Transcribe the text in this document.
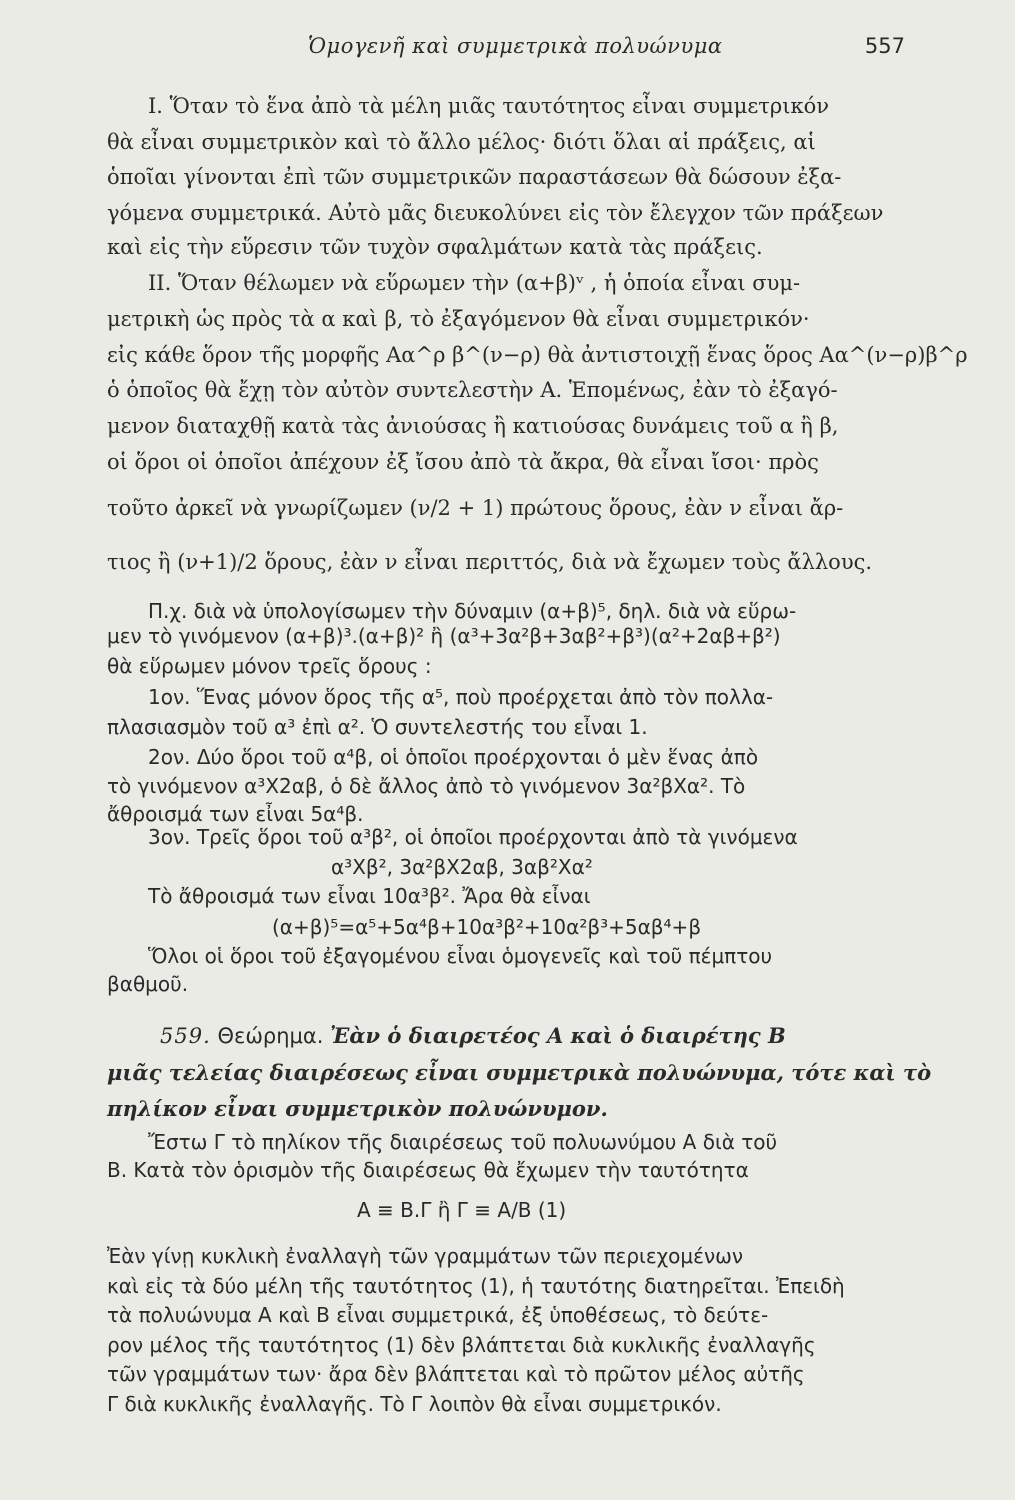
Ὁμογενῆ καὶ συμμετρικὰ πολυώνυμα	557
I. Ὅταν τὸ ἕνα ἀπὸ τὰ μέλη μιᾶς ταυτότητος εἶναι συμμετρικόν
θὰ εἶναι συμμετρικὸν καὶ τὸ ἄλλο μέλος· διότι ὅλαι αἱ πράξεις, αἱ
ὁποῖαι γίνονται ἐπὶ τῶν συμμετρικῶν παραστάσεων θὰ δώσουν ἐξα-
γόμενα συμμετρικά. Αὐτὸ μᾶς διευκολύνει εἰς τὸν ἔλεγχον τῶν πράξεων
καὶ εἰς τὴν εὕρεσιν τῶν τυχὸν σφαλμάτων κατὰ τὰς πράξεις.
II. Ὅταν θέλωμεν νὰ εὕρωμεν τὴν (α+β)ᵛ , ἡ ὁποία εἶναι συμ-
μετρικὴ ὡς πρὸς τὰ α καὶ β, τὸ ἐξαγόμενον θὰ εἶναι συμμετρικόν·
εἰς κάθε ὅρον τῆς μορφῆς Αα^ρ β^(ν−ρ) θὰ ἀντιστοιχῇ ἕνας ὅρος Αα^(ν−ρ)β^ρ
ὁ ὁποῖος θὰ ἔχῃ τὸν αὐτὸν συντελεστὴν Α. Ἑπομένως, ἐὰν τὸ ἐξαγό-
μενον διαταχθῇ κατὰ τὰς ἀνιούσας ἢ κατιούσας δυνάμεις τοῦ α ἢ β,
οἱ ὅροι οἱ ὁποῖοι ἀπέχουν ἐξ ἴσου ἀπὸ τὰ ἄκρα, θὰ εἶναι ἴσοι· πρὸς
τοῦτο ἀρκεῖ νὰ γνωρίζωμεν (ν/2 + 1) πρώτους ὅρους, ἐὰν ν εἶναι ἄρ-
τιος ἢ (ν+1)/2 ὅρους, ἐὰν ν εἶναι περιττός, διὰ νὰ ἔχωμεν τοὺς ἄλλους.
Π.χ. διὰ νὰ ὑπολογίσωμεν τὴν δύναμιν (α+β)⁵, δηλ. διὰ νὰ εὕρω-
μεν τὸ γινόμενον (α+β)³.(α+β)² ἢ (α³+3α²β+3αβ²+β³)(α²+2αβ+β²)
θὰ εὕρωμεν μόνον τρεῖς ὅρους :
1ον. Ἕνας μόνον ὅρος τῆς α⁵, ποὺ προέρχεται ἀπὸ τὸν πολλα-
πλασιασμὸν τοῦ α³ ἐπὶ α². Ὁ συντελεστής του εἶναι 1.
2ον. Δύο ὅροι τοῦ α⁴β, οἱ ὁποῖοι προέρχονται ὁ μὲν ἕνας ἀπὸ
τὸ γινόμενον α³Χ2αβ, ὁ δὲ ἄλλος ἀπὸ τὸ γινόμενον 3α²βΧα². Τὸ
ἄθροισμά των εἶναι 5α⁴β.
3ον. Τρεῖς ὅροι τοῦ α³β², οἱ ὁποῖοι προέρχονται ἀπὸ τὰ γινόμενα
α³Χβ², 3α²βΧ2αβ, 3αβ²Χα²
Τὸ ἄθροισμά των εἶναι 10α³β². Ἄρα θὰ εἶναι
(α+β)⁵=α⁵+5α⁴β+10α³β²+10α²β³+5αβ⁴+β
Ὅλοι οἱ ὅροι τοῦ ἐξαγομένου εἶναι ὁμογενεῖς καὶ τοῦ πέμπτου
βαθμοῦ.
559. Θεώρημα. Ἐὰν ὁ διαιρετέος Α καὶ ὁ διαιρέτης Β
μιᾶς τελείας διαιρέσεως εἶναι συμμετρικὰ πολυώνυμα, τότε καὶ τὸ
πηλίκον εἶναι συμμετρικὸν πολυώνυμον.
Ἔστω Γ τὸ πηλίκον τῆς διαιρέσεως τοῦ πολυωνύμου Α διὰ τοῦ
Β. Κατὰ τὸν ὁρισμὸν τῆς διαιρέσεως θὰ ἔχωμεν τὴν ταυτότητα
Α ≡ Β.Γ ἢ Γ ≡ Α/Β (1)
Ἐὰν γίνῃ κυκλικὴ ἐναλλαγὴ τῶν γραμμάτων τῶν περιεχομένων
καὶ εἰς τὰ δύο μέλη τῆς ταυτότητος (1), ἡ ταυτότης διατηρεῖται. Ἐπειδὴ
τὰ πολυώνυμα Α καὶ Β εἶναι συμμετρικά, ἐξ ὑποθέσεως, τὸ δεύτε-
ρον μέλος τῆς ταυτότητος (1) δὲν βλάπτεται διὰ κυκλικῆς ἐναλλαγῆς
τῶν γραμμάτων των· ἄρα δὲν βλάπτεται καὶ τὸ πρῶτον μέλος αὐτῆς
Γ διὰ κυκλικῆς ἐναλλαγῆς. Τὸ Γ λοιπὸν θὰ εἶναι συμμετρικόν.
